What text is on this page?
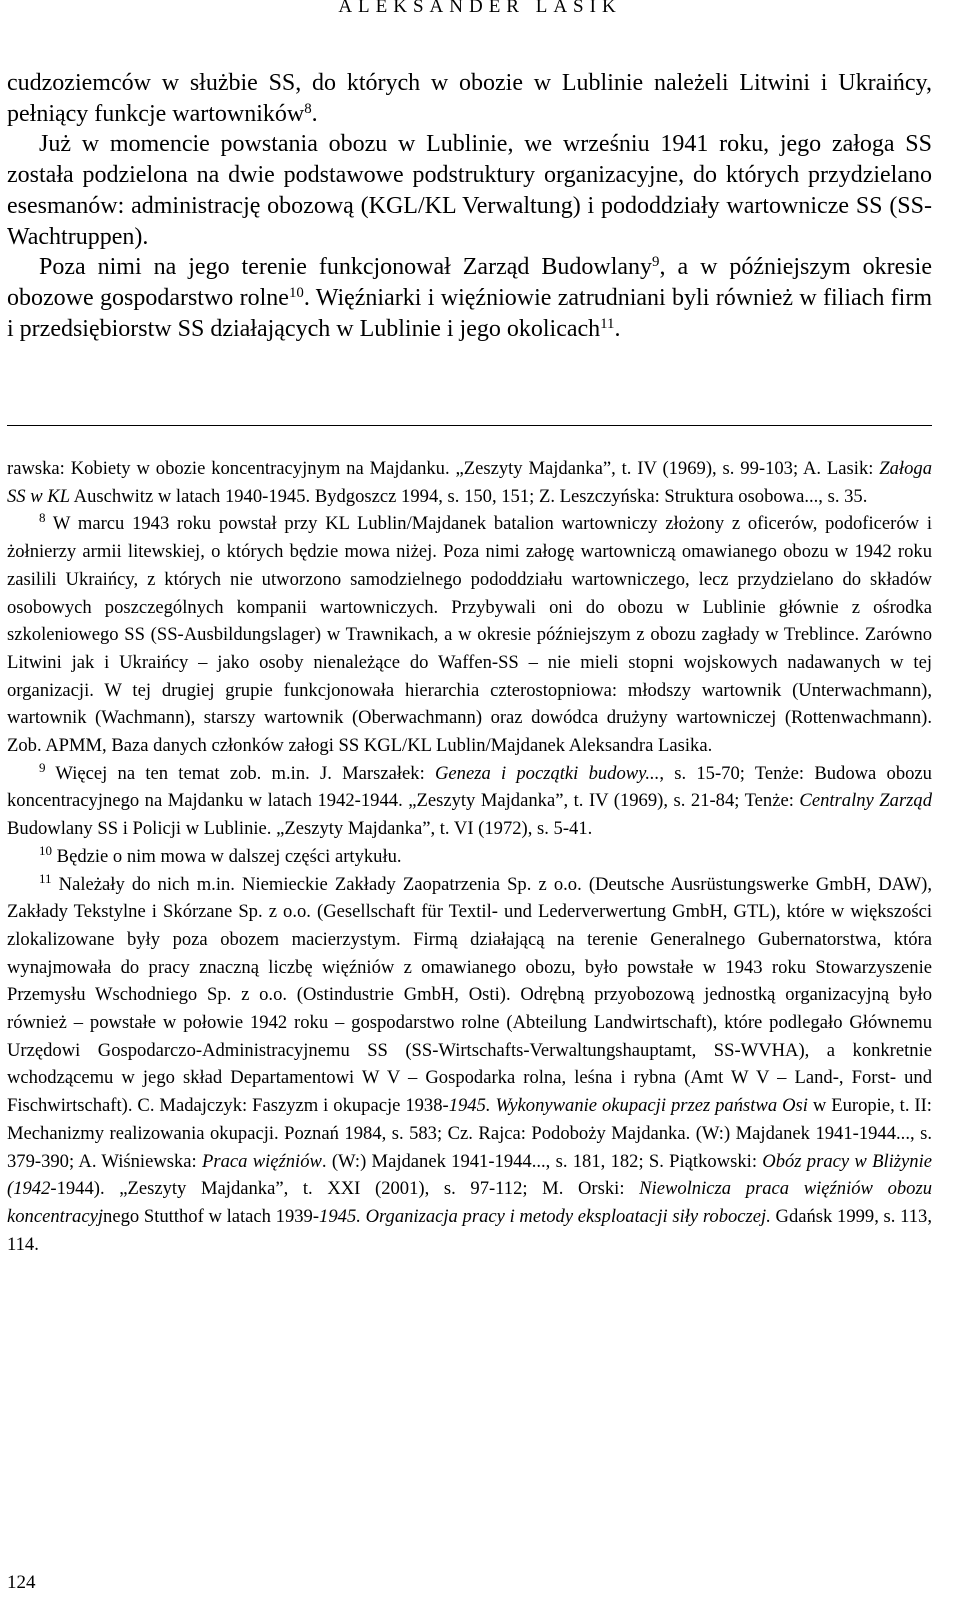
ALEKSANDER LASIK

cudzoziemców w służbie SS, do których w obozie w Lublinie należeli Litwini i Ukraińcy, pełniący funkcje wartowników$^8$.

Już w momencie powstania obozu w Lublinie, we wrześniu 1941 roku, jego załoga SS została podzielona na dwie podstawowe podstruktury organizacyjne, do których przydzielano esesmanów: administrację obozową (KGL/KL Verwaltung) i pododdziały wartownicze SS (SS-Wachtruppen).

Poza nimi na jego terenie funkcjonował Zarząd Budowlany$^9$, a w późniejszym okresie obozowe gospodarstwo rolne$^{10}$. Więźniarki i więźniowie zatrudniani byli również w filiach firm i przedsiębiorstw SS działających w Lublinie i jego okolicach$^{11}$.

rawska: Kobiety w obozie koncentracyjnym na Majdanku. „Zeszyty Majdanka”, t. IV (1969), s. 99-103; A. Lasik: Załoga SS w KL Auschwitz w latach 1940-1945. Bydgoszcz 1994, s. 150, 151; Z. Leszczyńska: Struktura osobowa..., s. 35.

$^8$ W marcu 1943 roku powstał przy KL Lublin/Majdanek batalion wartowniczy złożony z oficerów, podoficerów i żołnierzy armii litewskiej, o których będzie mowa niżej. Poza nimi załogę wartowniczą omawianego obozu w 1942 roku zasilili Ukraińcy, z których nie utworzono samodzielnego pododdziału wartowniczego, lecz przydzielano do składów osobowych poszczególnych kompanii wartowniczych. Przybywali oni do obozu w Lublinie głównie z ośrodka szkoleniowego SS (SS-Ausbildungslager) w Trawnikach, a w okresie późniejszym z obozu zagłady w Treblince. Zarówno Litwini jak i Ukraińcy – jako osoby nienależące do Waffen-SS – nie mieli stopni wojskowych nadawanych w tej organizacji. W tej drugiej grupie funkcjonowała hierarchia czterostopniowa: młodszy wartownik (Unterwachmann), wartownik (Wachmann), starszy wartownik (Oberwachmann) oraz dowódca drużyny wartowniczej (Rottenwachmann). Zob. APMM, Baza danych członków załogi SS KGL/KL Lublin/Majdanek Aleksandra Lasika.

$^9$ Więcej na ten temat zob. m.in. J. Marszałek: Geneza i początki budowy..., s. 15-70; Tenże: Budowa obozu koncentracyjnego na Majdanku w latach 1942-1944. „Zeszyty Majdanka”, t. IV (1969), s. 21-84; Tenże: Centralny Zarząd Budowlany SS i Policji w Lublinie. „Zeszyty Majdanka”, t. VI (1972), s. 5-41.

$^{10}$ Będzie o nim mowa w dalszej części artykułu.

$^{11}$ Należały do nich m.in. Niemieckie Zakłady Zaopatrzenia Sp. z o.o. (Deutsche Ausrüstungswerke GmbH, DAW), Zakłady Tekstylne i Skórzane Sp. z o.o. (Gesellschaft für Textil- und Lederverwertung GmbH, GTL), które w większości zlokalizowane były poza obozem macierzystym. Firmą działającą na terenie Generalnego Gubernatorstwa, która wynajmowała do pracy znaczną liczbę więźniów z omawianego obozu, było powstałe w 1943 roku Stowarzyszenie Przemysłu Wschodniego Sp. z o.o. (Ostindustrie GmbH, Osti). Odrębną przyobozową jednostką organizacyjną było również – powstałe w połowie 1942 roku – gospodarstwo rolne (Abteilung Landwirtschaft), które podlegało Głównemu Urzędowi Gospodarczo-Administracyjnemu SS (SS-Wirtschafts-Verwaltungshauptamt, SS-WVHA), a konkretnie wchodzącemu w jego skład Departamentowi W V – Gospodarka rolna, leśna i rybna (Amt W V – Land-, Forst- und Fischwirtschaft). C. Madajczyk: Faszyzm i okupacje 1938-1945. Wykonywanie okupacji przez państwa Osi w Europie, t. II: Mechanizmy realizowania okupacji. Poznań 1984, s. 583; Cz. Rajca: Podoboży Majdanka. (W:) Majdanek 1941-1944..., s. 379-390; A. Wiśniewska: Praca więźniów. (W:) Majdanek 1941-1944..., s. 181, 182; S. Piątkowski: Obóz pracy w Bliżynie (1942-1944). „Zeszyty Majdanka”, t. XXI (2001), s. 97-112; M. Orski: Niewolnicza praca więźniów obozu koncentracyjnego Stutthof w latach 1939-1945. Organizacja pracy i metody eksploatacji siły roboczej. Gdańsk 1999, s. 113, 114.

124
